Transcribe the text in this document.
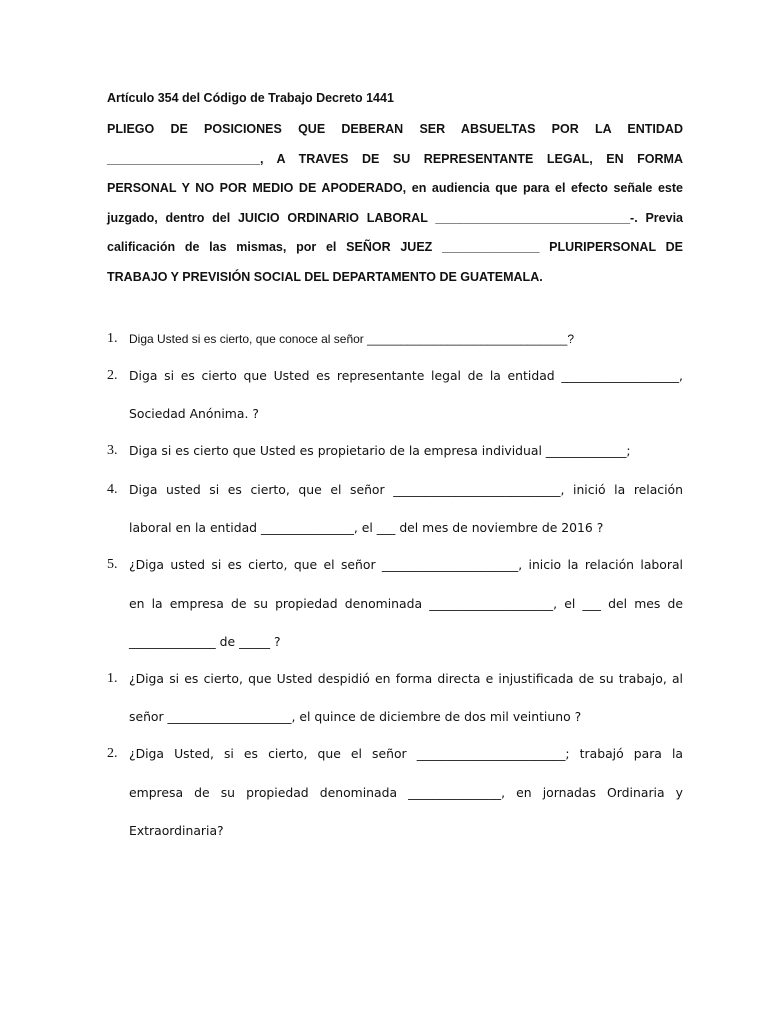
Artículo 354 del Código de Trabajo Decreto 1441
PLIEGO DE POSICIONES QUE DEBERAN SER ABSUELTAS POR LA ENTIDAD
______________________, A TRAVES DE SU REPRESENTANTE LEGAL, EN FORMA
PERSONAL Y NO POR MEDIO DE APODERADO, en audiencia que para el efecto señale este
juzgado, dentro del JUICIO ORDINARIO LABORAL ____________________________-. Previa
calificación de las mismas, por el SEÑOR JUEZ ______________ PLURIPERSONAL DE
TRABAJO Y PREVISIÓN SOCIAL DEL DEPARTAMENTO DE GUATEMALA.
1. Diga Usted si es cierto, que conoce al señor ______________________________?
2. Diga si es cierto que Usted es representante legal de la entidad ___________________,
Sociedad Anónima. ?
3. Diga si es cierto que Usted es propietario de la empresa individual _____________;
4. Diga usted si es cierto, que el señor ___________________________, inició la relación
laboral en la entidad _______________, el ___ del mes de noviembre de 2016 ?
5. ¿Diga usted si es cierto, que el señor ______________________, inicio la relación laboral
en la empresa de su propiedad denominada ____________________, el ___ del mes de
______________ de _____ ?
1. ¿Diga si es cierto, que Usted despidió en forma directa e injustificada de su trabajo, al
señor ____________________, el quince de diciembre de dos mil veintiuno ?
2. ¿Diga Usted, si es cierto, que el señor ________________________; trabajó para la
empresa de su propiedad denominada _______________, en jornadas Ordinaria y
Extraordinaria?
